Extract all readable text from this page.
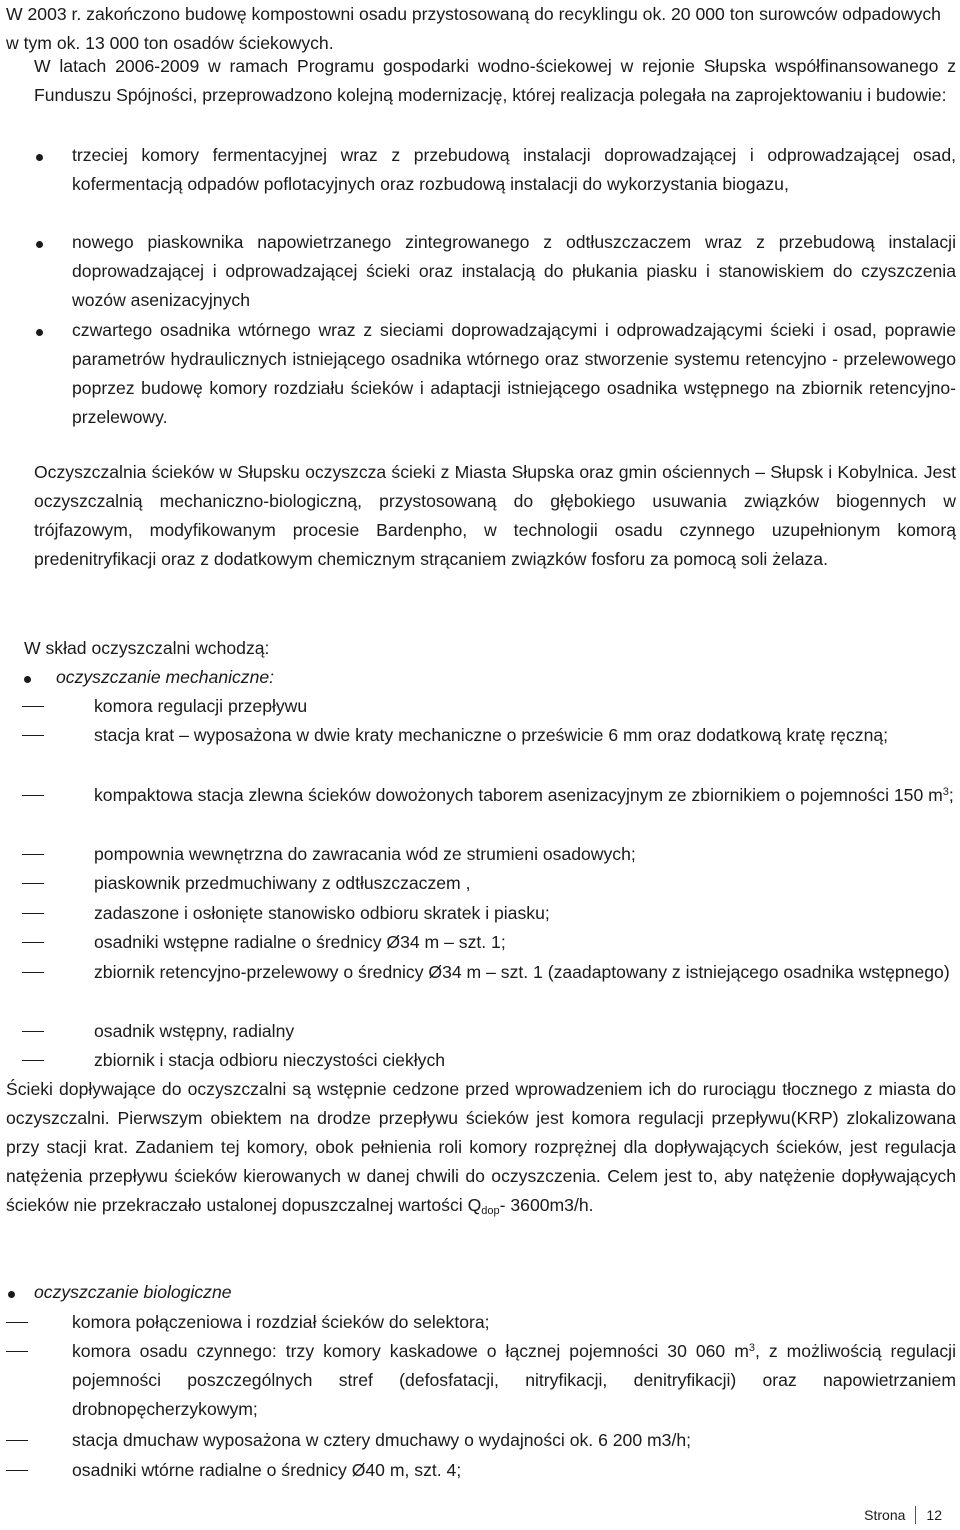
W 2003 r. zakończono budowę kompostowni osadu przystosowaną do recyklingu ok. 20 000 ton surowców odpadowych w tym ok. 13 000 ton osadów ściekowych.

W latach 2006-2009 w ramach Programu gospodarki wodno-ściekowej w rejonie Słupska współfinansowanego z Funduszu Spójności, przeprowadzono kolejną modernizację, której realizacja polegała na zaprojektowaniu i budowie:

trzeciej komory fermentacyjnej wraz z przebudową instalacji doprowadzającej i odprowadzającej osad, kofermentacją odpadów poflotacyjnych oraz rozbudową instalacji do wykorzystania biogazu,

nowego piaskownika napowietrzanego zintegrowanego z odtłuszczaczem wraz z przebudową instalacji doprowadzającej i odprowadzającej ścieki oraz instalacją do płukania piasku i stanowiskiem do czyszczenia wozów asenizacyjnych

czwartego osadnika wtórnego wraz z sieciami doprowadzającymi i odprowadzającymi ścieki i osad, poprawie parametrów hydraulicznych istniejącego osadnika wtórnego oraz stworzenie systemu retencyjno - przelewowego poprzez budowę komory rozdziału ścieków i adaptacji istniejącego osadnika wstępnego na zbiornik retencyjno-przelewowy.

Oczyszczalnia ścieków w Słupsku oczyszcza ścieki z Miasta Słupska oraz gmin ościennych – Słupsk i Kobylnica. Jest oczyszczalnią mechaniczno-biologiczną, przystosowaną do głębokiego usuwania związków biogennych w trójfazowym, modyfikowanym procesie Bardenpho, w technologii osadu czynnego uzupełnionym komorą predenitryfikacji oraz z dodatkowym chemicznym strącaniem związków fosforu za pomocą soli żelaza.

W skład oczyszczalni wchodzą:

oczyszczanie mechaniczne:

komora regulacji przepływu

stacja krat – wyposażona w dwie kraty mechaniczne o prześwicie 6 mm oraz dodatkową kratę ręczną;

kompaktowa stacja zlewna ścieków dowożonych taborem asenizacyjnym ze zbiornikiem o pojemności 150 $m^3$;

pompownia wewnętrzna do zawracania wód ze strumieni osadowych;

piaskownik przedmuchiwany z odtłuszczaczem ,

zadaszone i osłonięte stanowisko odbioru skratek i piasku;

osadniki wstępne radialne o średnicy Ø34 m – szt. 1;

zbiornik retencyjno-przelewowy o średnicy Ø34 m – szt. 1 (zaadaptowany z istniejącego osadnika wstępnego)

osadnik wstępny, radialny

zbiornik i stacja odbioru nieczystości ciekłych

Ścieki dopływające do oczyszczalni są wstępnie cedzone przed wprowadzeniem ich do rurociągu tłocznego z miasta do oczyszczalni. Pierwszym obiektem na drodze przepływu ścieków jest komora regulacji przepływu(KRP) zlokalizowana przy stacji krat. Zadaniem tej komory, obok pełnienia roli komory rozprężnej dla dopływających ścieków, jest regulacja natężenia przepływu ścieków kierowanych w danej chwili do oczyszczenia. Celem jest to, aby natężenie dopływających ścieków nie przekraczało ustalonej dopuszczalnej wartości $Q_{dop}-$ 3600m3/h.

oczyszczanie biologiczne

komora połączeniowa i rozdział ścieków do selektora;

komora osadu czynnego: trzy komory kaskadowe o łącznej pojemności 30 060 $m^3$, z możliwością regulacji pojemności poszczególnych stref (defosfatacji, nitryfikacji, denitryfikacji) oraz napowietrzaniem drobnopęcherzykowym;

stacja dmuchaw wyposażona w cztery dmuchawy o wydajności ok. 6 200 m3/h;

osadniki wtórne radialne o średnicy Ø40 m, szt. 4;

Strona 12
